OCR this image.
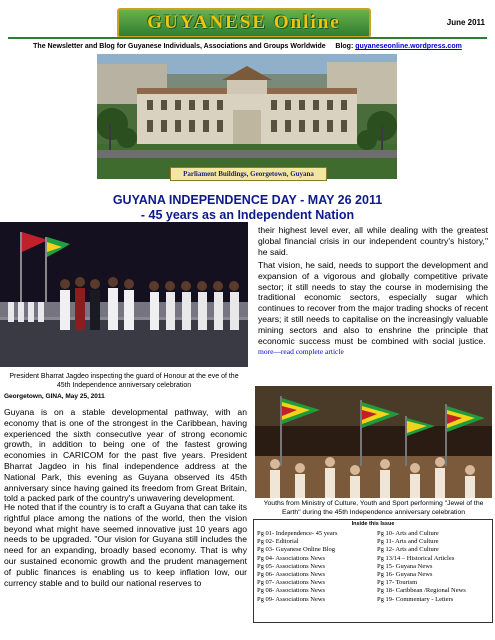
GUYANESE Online	June 2011
The Newsletter and Blog for Guyanese Individuals, Associations and Groups Worldwide Blog: guyaneseonline.wordpress.com
Parliament Buildings, Georgetown, Guyana
GUYANA INDEPENDENCE DAY - MAY 26 2011
- 45 years as an Independent Nation
President Bharrat Jagdeo inspecting the guard of Honour at the eve of the 45th Independence anniversary celebration
Georgetown, GINA, May 25, 2011
Guyana is on a stable developmental pathway, with an economy that is one of the strongest in the Caribbean, having experienced the sixth consecutive year of strong economic growth, in addition to being one of the fastest growing economies in CARICOM for the past five years. President Bharrat Jagdeo in his final independence address at the National Park, this evening as Guyana observed its 45th anniversary since having gained its freedom from Great Britain, told a packed park of the country's unwavering development.
He noted that if the country is to craft a Guyana that can take its rightful place among the nations of the world, then the vision beyond what might have seemed innovative just 10 years ago needs to be upgraded. "Our vision for Guyana still includes the need for an expanding, broadly based economy. That is why our sustained economic growth and the prudent management of public finances is enabling us to keep inflation low, our currency stable and to build our national reserves to
their highest level ever, all while dealing with the greatest global financial crisis in our independent country's history," he said.
That vision, he said, needs to support the development and expansion of a vigorous and globally competitive private sector; it still needs to stay the course in modernising the traditional economic sectors, especially sugar which continues to recover from the major trading shocks of recent years; it still needs to capitalise on the increasingly valuable mining sectors and also to enshrine the principle that economic success must be combined with social justice.  more—read complete article
Youths from Ministry of Culture, Youth and Sport performing "Jewel of the Earth" during the 45th Independence anniversary celebration
Inside this Issue
Pg 01- Independence- 45 years
Pg 02- Editorial
Pg 03- Guyanese Online Blog
Pg 04- Associations News
Pg 05- Associations News
Pg 06- Associations News
Pg 07- Associations News
Pg 08- Associations News
Pg 09- Associations News
Pg 10- Arts and Culture
Pg 11- Arts and Culture
Pg 12- Arts and Culture
Pg 13/14 – Historical Articles
Pg 15- Guyana News
Pg 16- Guyana News
Pg 17- Tourism
Pg 18- Caribbean /Regional News
Pg 19- Commentary - Letters
